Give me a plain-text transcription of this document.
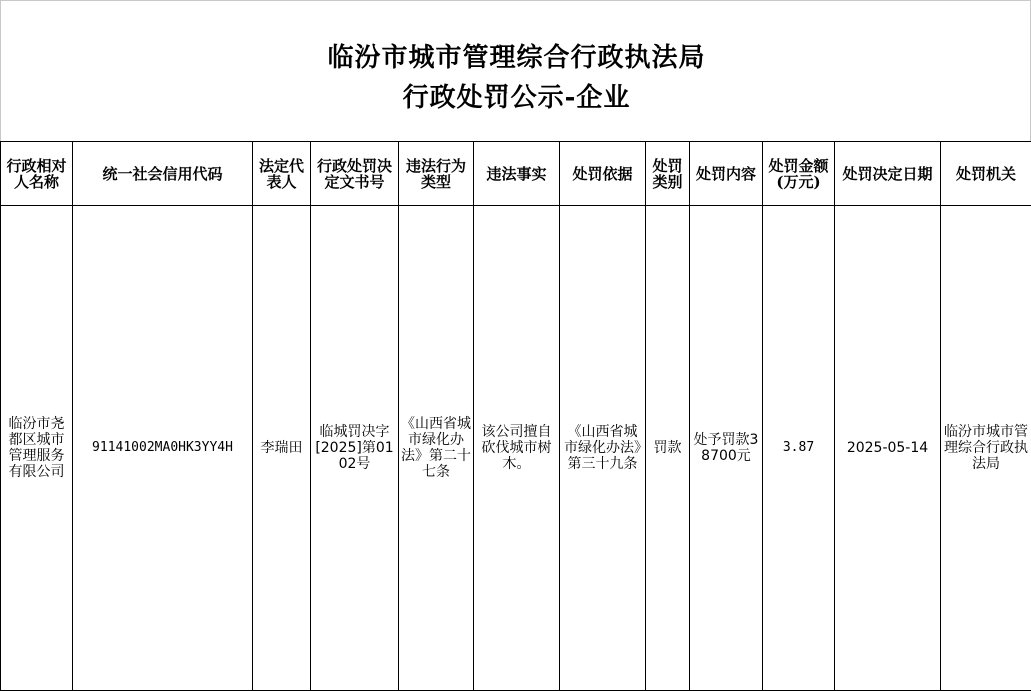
临汾市城市管理综合行政执法局
行政处罚公示-企业
行政相对人名称	统一社会信用代码	法定代表人	行政处罚决定文书号	违法行为类型	违法事实	处罚依据	处罚类别	处罚内容	处罚金额(万元)	处罚决定日期	处罚机关
临汾市尧都区城市管理服务有限公司	91141002MA0HK3YY4H	李瑞田	临城罚决字[2025]第0102号	《山西省城市绿化办法》第二十七条	该公司擅自砍伐城市树木。	《山西省城市绿化办法》第三十九条	罚款	处予罚款38700元	3.87	2025-05-14	临汾市城市管理综合行政执法局
